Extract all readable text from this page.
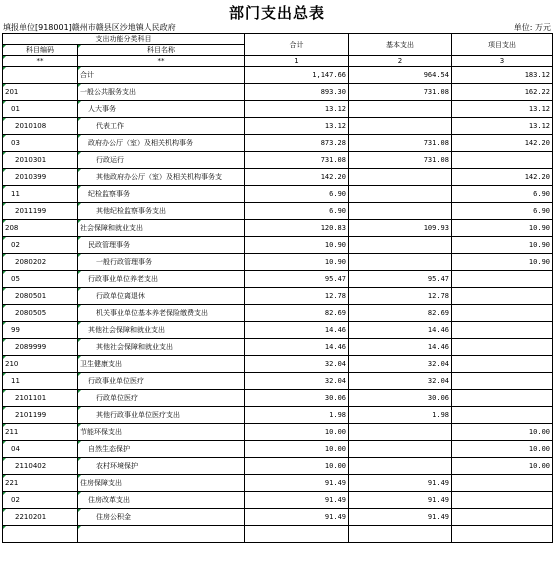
部门支出总表
填报单位[918001]赣州市赣县区沙地镇人民政府	单位: 万元
支出功能分类科目		合计	基本支出	项目支出
科目编码	科目名称			
**	**	1	2	3
	合计	1,147.66	964.54	183.12
201	一般公共服务支出	893.30	731.08	162.22
01	人大事务	13.12		13.12
2010108	代表工作	13.12		13.12
03	政府办公厅（室）及相关机构事务	873.28	731.08	142.20
2010301	行政运行	731.08	731.08	
2010399	其他政府办公厅（室）及相关机构事务支	142.20		142.20
11	纪检监察事务	6.90		6.90
2011199	其他纪检监察事务支出	6.90		6.90
208	社会保障和就业支出	120.83	109.93	10.90
02	民政管理事务	10.90		10.90
2080202	一般行政管理事务	10.90		10.90
05	行政事业单位养老支出	95.47	95.47	
2080501	行政单位离退休	12.78	12.78	
2080505	机关事业单位基本养老保险缴费支出	82.69	82.69	
99	其他社会保障和就业支出	14.46	14.46	
2089999	其他社会保障和就业支出	14.46	14.46	
210	卫生健康支出	32.04	32.04	
11	行政事业单位医疗	32.04	32.04	
2101101	行政单位医疗	30.06	30.06	
2101199	其他行政事业单位医疗支出	1.98	1.98	
211	节能环保支出	10.00		10.00
04	自然生态保护	10.00		10.00
2110402	农村环境保护	10.00		10.00
221	住房保障支出	91.49	91.49	
02	住房改革支出	91.49	91.49	
2210201	住房公积金	91.49	91.49	
